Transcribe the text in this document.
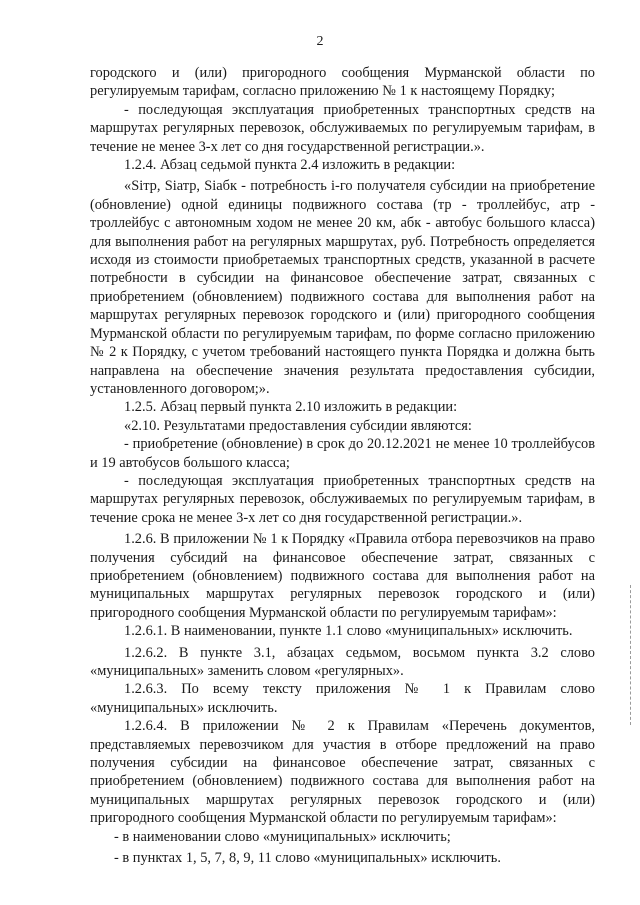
2

городского и (или) пригородного сообщения Мурманской области по регулируемым тарифам, согласно приложению № 1 к настоящему Порядку;

- последующая эксплуатация приобретенных транспортных средств на маршрутах регулярных перевозок, обслуживаемых по регулируемым тарифам, в течение не менее 3-х лет со дня государственной регистрации.».

1.2.4. Абзац седьмой пункта 2.4 изложить в редакции:

«Sітр, Sіатр, Sіабк - потребность і-го получателя субсидии на приобретение (обновление) одной единицы подвижного состава (тр - троллейбус, атр - троллейбус с автономным ходом не менее 20 км, абк - автобус большого класса) для выполнения работ на регулярных маршрутах, руб. Потребность определяется исходя из стоимости приобретаемых транспортных средств, указанной в расчете потребности в субсидии на финансовое обеспечение затрат, связанных с приобретением (обновлением) подвижного состава для выполнения работ на маршрутах регулярных перевозок городского и (или) пригородного сообщения Мурманской области по регулируемым тарифам, по форме согласно приложению № 2 к Порядку, с учетом требований настоящего пункта Порядка и должна быть направлена на обеспечение значения результата предоставления субсидии, установленного договором;».

1.2.5. Абзац первый пункта 2.10 изложить в редакции:

«2.10. Результатами предоставления субсидии являются:

- приобретение (обновление) в срок до 20.12.2021 не менее 10 троллейбусов и 19 автобусов большого класса;

- последующая эксплуатация приобретенных транспортных средств на маршрутах регулярных перевозок, обслуживаемых по регулируемым тарифам, в течение срока не менее 3-х лет со дня государственной регистрации.».

1.2.6. В приложении № 1 к Порядку «Правила отбора перевозчиков на право получения субсидий на финансовое обеспечение затрат, связанных с приобретением (обновлением) подвижного состава для выполнения работ на муниципальных маршрутах регулярных перевозок городского и (или) пригородного сообщения Мурманской области по регулируемым тарифам»:

1.2.6.1. В наименовании, пункте 1.1 слово «муниципальных» исключить.

1.2.6.2. В пункте 3.1, абзацах седьмом, восьмом пункта 3.2 слово «муниципальных» заменить словом «регулярных».

1.2.6.3. По всему тексту приложения № 1 к Правилам слово «муниципальных» исключить.

1.2.6.4. В приложении № 2 к Правилам «Перечень документов, представляемых перевозчиком для участия в отборе предложений на право получения субсидии на финансовое обеспечение затрат, связанных с приобретением (обновлением) подвижного состава для выполнения работ на муниципальных маршрутах регулярных перевозок городского и (или) пригородного сообщения Мурманской области по регулируемым тарифам»:

- в наименовании слово «муниципальных» исключить;

- в пунктах 1, 5, 7, 8, 9, 11 слово «муниципальных» исключить.
